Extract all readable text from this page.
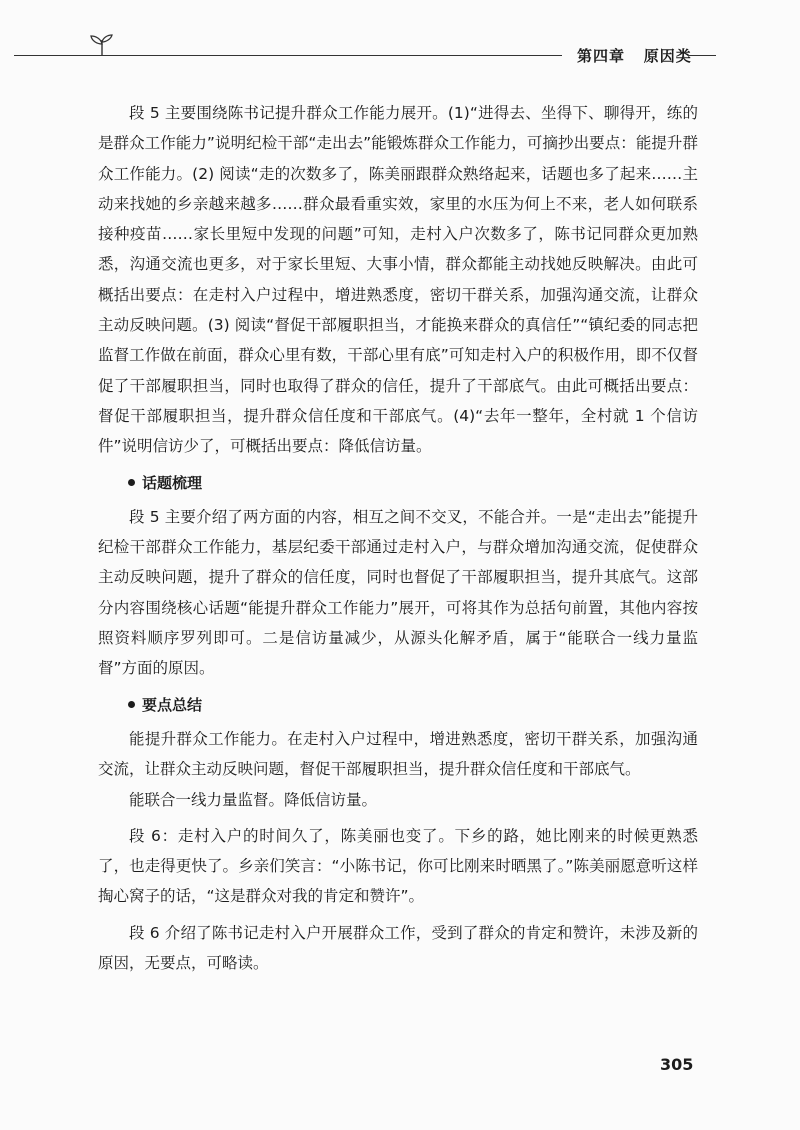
第四章 原因类

段 5 主要围绕陈书记提升群众工作能力展开。(1)“进得去、坐得下、聊得开，练的是群众工作能力”说明纪检干部“走出去”能锻炼群众工作能力，可摘抄出要点：能提升群众工作能力。(2) 阅读“走的次数多了，陈美丽跟群众熟络起来，话题也多了起来……主动来找她的乡亲越来越多……群众最看重实效，家里的水压为何上不来，老人如何联系接种疫苗……家长里短中发现的问题”可知，走村入户次数多了，陈书记同群众更加熟悉，沟通交流也更多，对于家长里短、大事小情，群众都能主动找她反映解决。由此可概括出要点：在走村入户过程中，增进熟悉度，密切干群关系，加强沟通交流，让群众主动反映问题。(3) 阅读“督促干部履职担当，才能换来群众的真信任”“镇纪委的同志把监督工作做在前面，群众心里有数，干部心里有底”可知走村入户的积极作用，即不仅督促了干部履职担当，同时也取得了群众的信任，提升了干部底气。由此可概括出要点：督促干部履职担当，提升群众信任度和干部底气。(4)“去年一整年，全村就 1 个信访件”说明信访少了，可概括出要点：降低信访量。

话题梳理

段 5 主要介绍了两方面的内容，相互之间不交叉，不能合并。一是“走出去”能提升纪检干部群众工作能力，基层纪委干部通过走村入户，与群众增加沟通交流，促使群众主动反映问题，提升了群众的信任度，同时也督促了干部履职担当，提升其底气。这部分内容围绕核心话题“能提升群众工作能力”展开，可将其作为总括句前置，其他内容按照资料顺序罗列即可。二是信访量减少，从源头化解矛盾，属于“能联合一线力量监督”方面的原因。

要点总结

能提升群众工作能力。在走村入户过程中，增进熟悉度，密切干群关系，加强沟通交流，让群众主动反映问题，督促干部履职担当，提升群众信任度和干部底气。

能联合一线力量监督。降低信访量。

段 6：走村入户的时间久了，陈美丽也变了。下乡的路，她比刚来的时候更熟悉了，也走得更快了。乡亲们笑言：“小陈书记，你可比刚来时晒黑了。”陈美丽愿意听这样掏心窝子的话，“这是群众对我的肯定和赞许”。

段 6 介绍了陈书记走村入户开展群众工作，受到了群众的肯定和赞许，未涉及新的原因，无要点，可略读。

305
